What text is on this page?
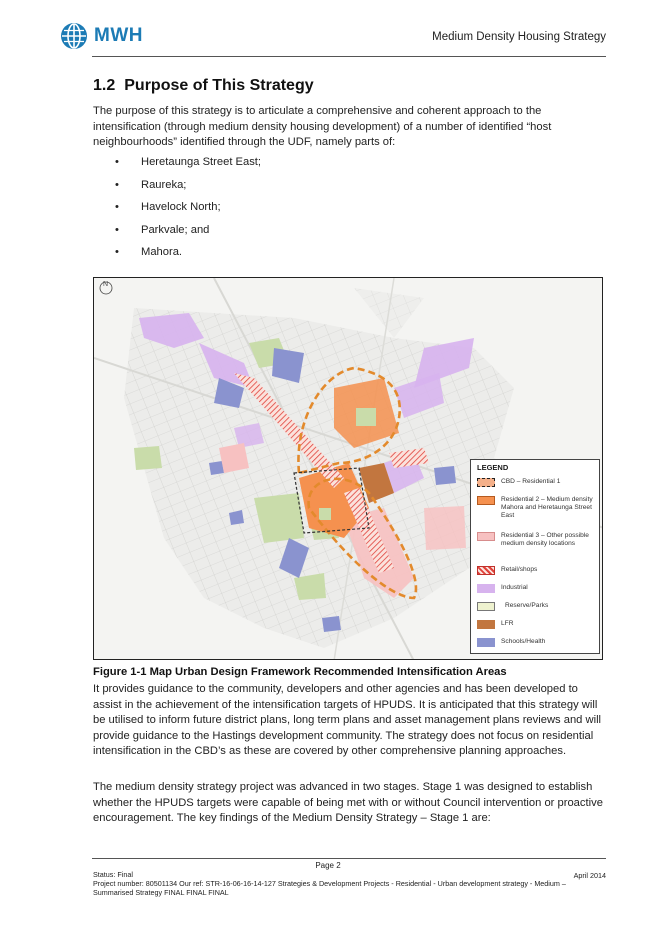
MWH	Medium Density Housing Strategy
1.2 Purpose of This Strategy
The purpose of this strategy is to articulate a comprehensive and coherent approach to the intensification (through medium density housing development) of a number of identified “host neighbourhoods” identified through the UDF, namely parts of:
• Heretaunga Street East;
• Raureka;
• Havelock North;
• Parkvale; and
• Mahora.
N
LEGEND
CBD – Residential 1
Residential 2 – Medium density Mahora and Heretaunga Street East
Residential 3 – Other possible medium density locations
Retail/shops
Industrial
Reserve/Parks
LFR
Schools/Health
Figure 1-1 Map Urban Design Framework Recommended Intensification Areas
It provides guidance to the community, developers and other agencies and has been developed to assist in the achievement of the intensification targets of HPUDS. It is anticipated that this strategy will be utilised to inform future district plans, long term plans and asset management plans reviews and will provide guidance to the Hastings development community. The strategy does not focus on residential intensification in the CBD’s as these are covered by other comprehensive planning approaches.
The medium density strategy project was advanced in two stages. Stage 1 was designed to establish whether the HPUDS targets were capable of being met with or without Council intervention or proactive encouragement. The key findings of the Medium Density Strategy – Stage 1 are:
Page 2
Status: Final	April 2014
Project number: 80501134 Our ref: STR-16-06-16-14-127 Strategies & Development Projects - Residential - Urban development strategy - Medium – Summarised Strategy FINAL FINAL FINAL
